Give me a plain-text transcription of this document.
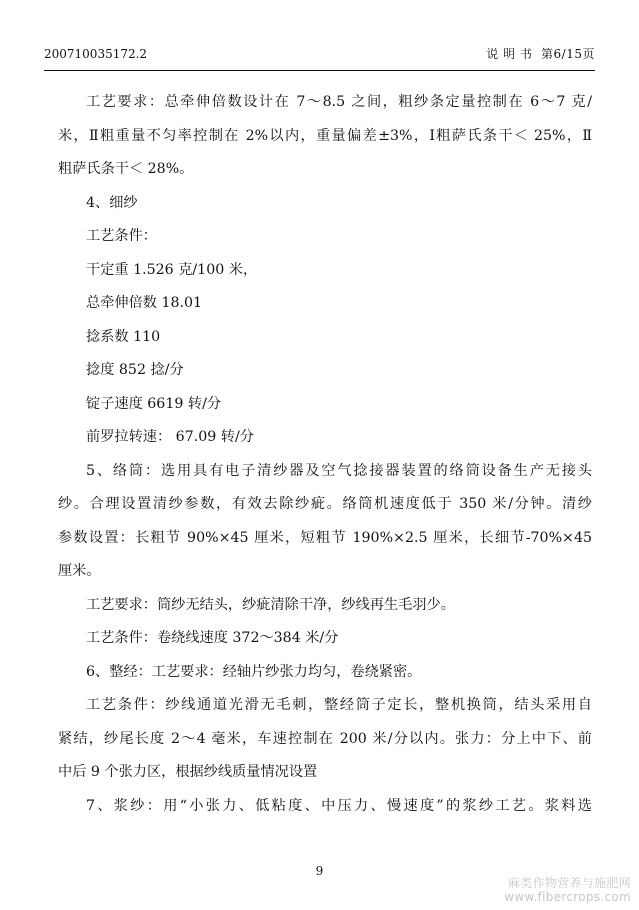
200710035172.2	说 明 书 第6/15页
工艺要求：总牵伸倍数设计在 7～8.5 之间，粗纱条定量控制在 6～7 克/
米，Ⅱ粗重量不匀率控制在 2%以内，重量偏差±3%，Ⅰ粗萨氏条干＜ 25%，Ⅱ
粗萨氏条干＜ 28%。
4、细纱
工艺条件：
干定重 1.526 克/100 米，
总牵伸倍数 18.01
捻系数 110
捻度 852 捻/分
锭子速度 6619 转/分
前罗拉转速： 67.09 转/分
5、络筒：选用具有电子清纱器及空气捻接器装置的络筒设备生产无接头
纱。合理设置清纱参数，有效去除纱疵。络筒机速度低于 350 米/分钟。清纱
参数设置：长粗节 90%×45 厘米，短粗节 190%×2.5 厘米，长细节-70%×45
厘米。
工艺要求：筒纱无结头，纱疵清除干净，纱线再生毛羽少。
工艺条件：卷绕线速度 372～384 米/分
6、整经：工艺要求：经轴片纱张力均匀，卷绕紧密。
工艺条件：纱线通道光滑无毛刺，整经筒子定长，整机换筒，结头采用自
紧结，纱尾长度 2～4 毫米，车速控制在 200 米/分以内。张力：分上中下、前
中后 9 个张力区，根据纱线质量情况设置
7、浆纱：用“小张力、低粘度、中压力、慢速度”的浆纱工艺。浆料选
9
麻类作物营养与施肥网
www.fibercrops.com
